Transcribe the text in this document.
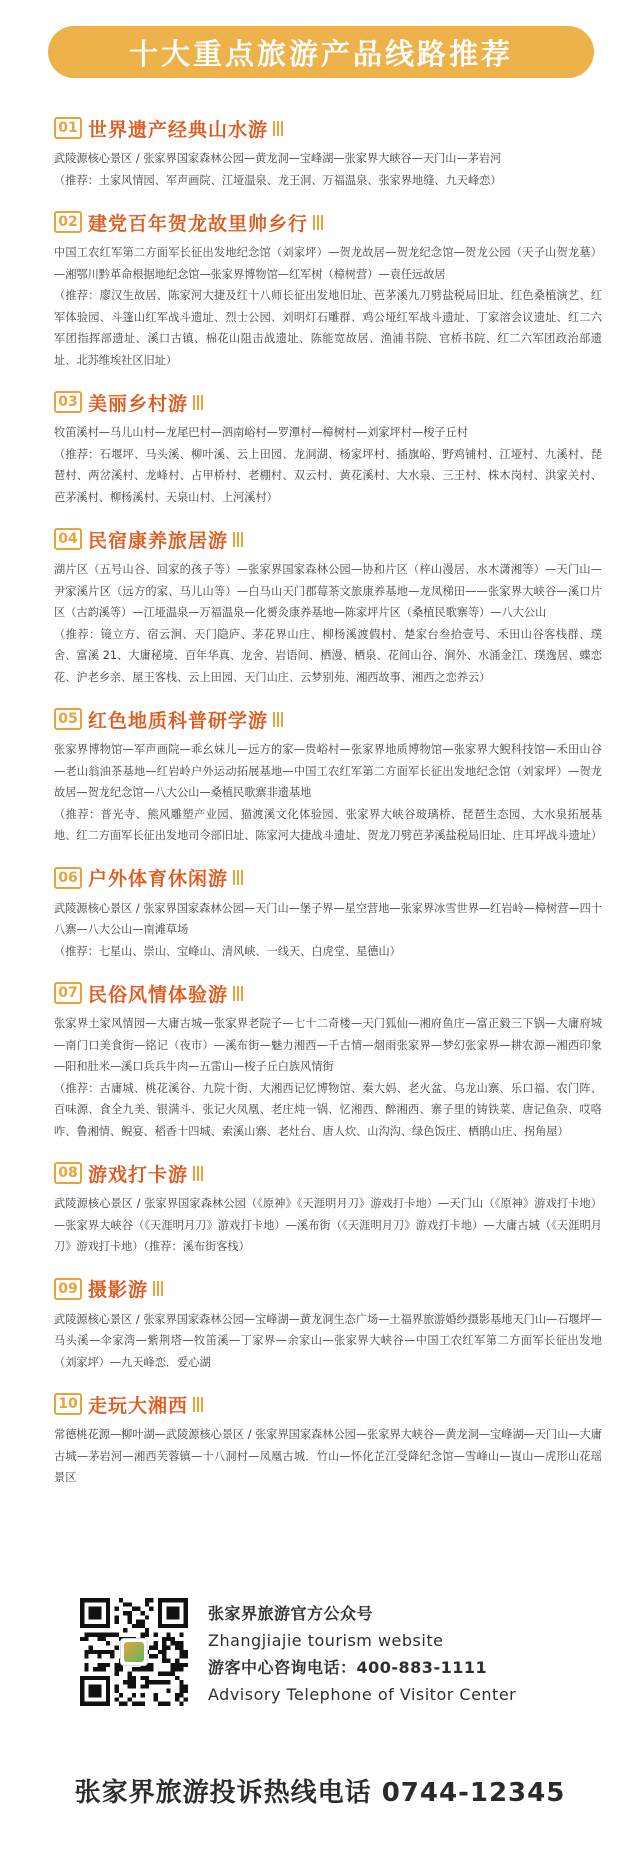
十大重点旅游产品线路推荐
01 世界遗产经典山水游
武陵源核心景区 / 张家界国家森林公园—黄龙洞—宝峰湖—张家界大峡谷—天门山—茅岩河
（推荐：土家风情园、军声画院、江垭温泉、龙王洞、万福温泉、张家界地缝、九天峰恋）
02 建党百年贺龙故里帅乡行
中国工农红军第二方面军长征出发地纪念馆（刘家坪）—贺龙故居—贺龙纪念馆—贺龙公园（天子山贺龙墓）—湘鄂川黔革命根据地纪念馆—张家界博物馆—红军树（樟树营）—袁任远故居
（推荐：廖汉生故居、陈家河大捷及红十八师长征出发地旧址、芭茅溪九刀劈盐税局旧址、红色桑植演艺、红军体验园、斗篷山红军战斗遗址、烈士公园、刘明灯石雕群、鸡公垭红军战斗遗址、丁家溶会议遗址、红二六军团指挥部遗址、溪口古镇、棉花山阻击战遗址、陈能宽故居、渔浦书院、官桥书院、红二六军团政治部遗址、北苏维埃社区旧址）
03 美丽乡村游
牧笛溪村—马儿山村—龙尾巴村—泗南峪村—罗潭村—樟树村—刘家坪村—梭子丘村
（推荐：石堰坪、马头溪、柳叶溪、云上田园、龙洞湖、杨家坪村、插旗峪、野鸡铺村、江垭村、九溪村、琵琶村、两岔溪村、龙峰村、占甲桥村、老棚村、双云村、黄花溪村、大水泉、三王村、株木岗村、洪家关村、芭茅溪村、柳杨溪村、天泉山村、上河溪村）
04 民宿康养旅居游
湖片区（五号山谷、回家的孩子等）—张家界国家森林公园—协和片区（梓山漫居、水木潇湘等）—天门山—尹家溪片区（远方的家、马儿山等）—白马山天门郡莓茶文旅康养基地—龙凤梯田——张家界大峡谷—溪口片区（古韵溪等）—江垭温泉—万福温泉—化赟灸康养基地—陈家坪片区（桑植民歌寨等）—八大公山
（推荐：镜立方、宿云涧、天门隐庐、茅花界山庄、柳杨溪渡假村、楚家台叁拾壹号、禾田山谷客栈群、璞舍、富溪 21、大庸秘境、百年华真、龙舍、岩语间、栖漫、栖泉、花间山谷、涧外、水涌金江、璞逸居、蝶恋花、沪老乡亲、屋王客栈、云上田园、天门山庄、云梦别苑、湘西故事、湘西之恋养云）
05 红色地质科普研学游
张家界博物馆—军声画院—乖幺妹儿—远方的家—贵峪村—张家界地质博物馆—张家界大鲵科技馆—禾田山谷—老山翁油茶基地—红岩岭户外运动拓展基地—中国工农红军第二方面军长征出发地纪念馆（刘家坪）—贺龙故居—贺龙纪念馆—八大公山—桑植民歌寨非遗基地
（推荐：普光寺、熊风雕塑产业园、猫渡溪文化体验园、张家界大峡谷玻璃桥、琵琶生态园、大水泉拓展基地、红二方面军长征出发地司令部旧址、陈家河大捷战斗遗址、贺龙刀劈芭茅溪盐税局旧址、庄耳坪战斗遗址）
06 户外体育休闲游
武陵源核心景区 / 张家界国家森林公园—天门山—堡子界—星空营地—张家界冰雪世界—红岩岭—樟树营—四十八寨—八大公山—南滩草场
（推荐：七星山、崇山、宝峰山、清风峡、一线天、白虎堂、星德山）
07 民俗风情体验游
张家界土家风情园—大庸古城—张家界老院子—七十二奇楼—天门狐仙—湘府鱼庄—富正毅三下锅—大庸府城—南门口美食街—铭记（夜市）—溪布街—魅力湘西—千古情—烟雨张家界—梦幻张家界—耕农源—湘西印象—阳和肚米—溪口兵兵牛肉—五雷山—梭子丘白族风情街
（推荐：古庸城、桃花溪谷、九院十街、大湘西记忆博物馆、秦大妈、老火盆、乌龙山寨、乐口福、农门阵、百味源、食全九美、银满斗、张记火凤凰、老庄炖一锅、忆湘西、醉湘西、寨子里的铸铁菜、唐记鱼杂、哎咯咋、鲁湘情、鲵宴、稻香十四城、索溪山寨、老灶台、唐人炊、山沟沟、绿色饭庄、栖鹃山庄、拐角屋）
08 游戏打卡游
武陵源核心景区 / 张家界国家森林公园（《原神》《天涯明月刀》游戏打卡地）—天门山（《原神》游戏打卡地）—张家界大峡谷（《天涯明月刀》游戏打卡地）—溪布街（《天涯明月刀》游戏打卡地）—大庸古城（《天涯明月刀》游戏打卡地）（推荐：溪布街客栈）
09 摄影游
武陵源核心景区 / 张家界国家森林公园—宝峰湖—黄龙洞生态广场—土福界旅游婚纱摄影基地天门山—石堰坪—马头溪—伞家湾—紫荆塔—牧笛溪—丁家界—余家山—张家界大峡谷—中国工农红军第二方面军长征出发地（刘家坪）—九天峰恋．爱心湖
10 走玩大湘西
常德桃花源—柳叶湖—武陵源核心景区 / 张家界国家森林公园—张家界大峡谷—黄龙洞—宝峰湖—天门山—大庸古城—茅岩河—湘西芙蓉镇—十八洞村—凤凰古城．竹山—怀化芷江受降纪念馆—雪峰山—崀山—虎形山花瑶景区
张家界旅游官方公众号
Zhangjiajie tourism website
游客中心咨询电话：400-883-1111
Advisory Telephone of Visitor Center
张家界旅游投诉热线电话 0744-12345
